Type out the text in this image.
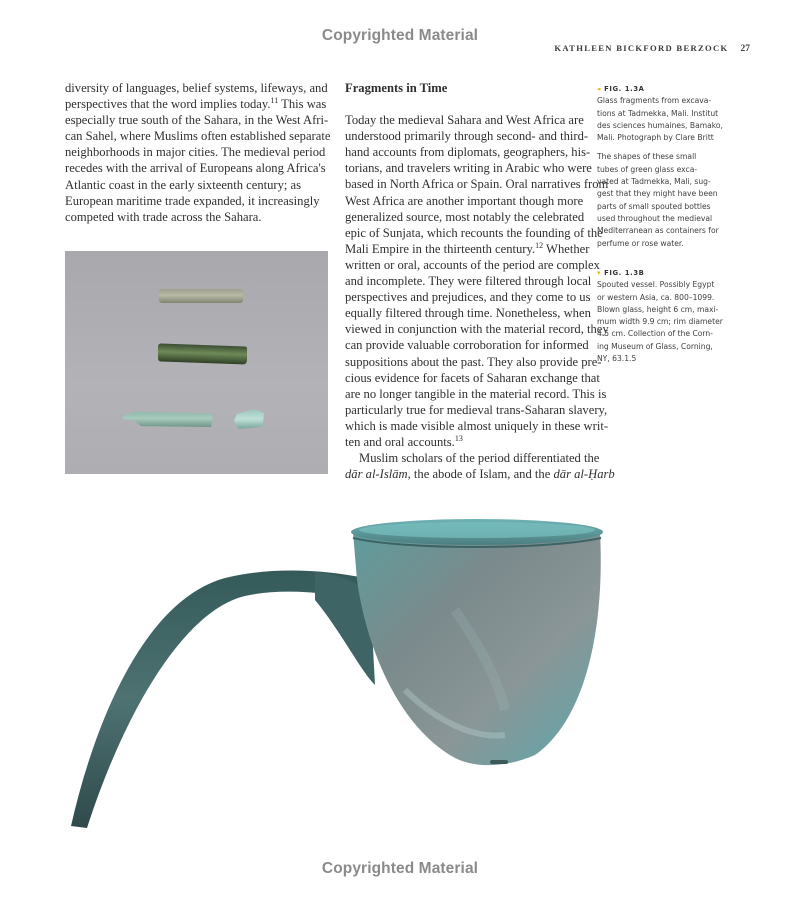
Copyrighted Material
KATHLEEN BICKFORD BERZOCK 27
diversity of languages, belief systems, lifeways, and
perspectives that the word implies today.$^{11}$ This was
especially true south of the Sahara, in the West Afri-
can Sahel, where Muslims often established separate
neighborhoods in major cities. The medieval period
recedes with the arrival of Europeans along Africa's
Atlantic coast in the early sixteenth century; as
European maritime trade expanded, it increasingly
competed with trade across the Sahara.
Fragments in Time
Today the medieval Sahara and West Africa are
understood primarily through second- and third-
hand accounts from diplomats, geographers, his-
torians, and travelers writing in Arabic who were
based in North Africa or Spain. Oral narratives from
West Africa are another important though more
generalized source, most notably the celebrated
epic of Sunjata, which recounts the founding of the
Mali Empire in the thirteenth century.$^{12}$ Whether
written or oral, accounts of the period are complex
and incomplete. They were filtered through local
perspectives and prejudices, and they come to us
equally filtered through time. Nonetheless, when
viewed in conjunction with the material record, they
can provide valuable corroboration for informed
suppositions about the past. They also provide pre-
cious evidence for facets of Saharan exchange that
are no longer tangible in the material record. This is
particularly true for medieval trans-Saharan slavery,
which is made visible almost uniquely in these writ-
ten and oral accounts.$^{13}$
Muslim scholars of the period differentiated the
dār al-Islām, the abode of Islam, and the dār al-Ḥarb
◂ FIG. 1.3A
Glass fragments from excava-
tions at Tadmekka, Mali. Institut
des sciences humaines, Bamako,
Mali. Photograph by Clare Britt
The shapes of these small
tubes of green glass exca-
vated at Tadmekka, Mali, sug-
gest that they might have been
parts of small spouted bottles
used throughout the medieval
Mediterranean as containers for
perfume or rose water.
▾ FIG. 1.3B
Spouted vessel. Possibly Egypt
or western Asia, ca. 800–1099.
Blown glass, height 6 cm, maxi-
mum width 9.9 cm; rim diameter
4.5 cm. Collection of the Corn-
ing Museum of Glass, Corning,
NY, 63.1.5
Copyrighted Material
